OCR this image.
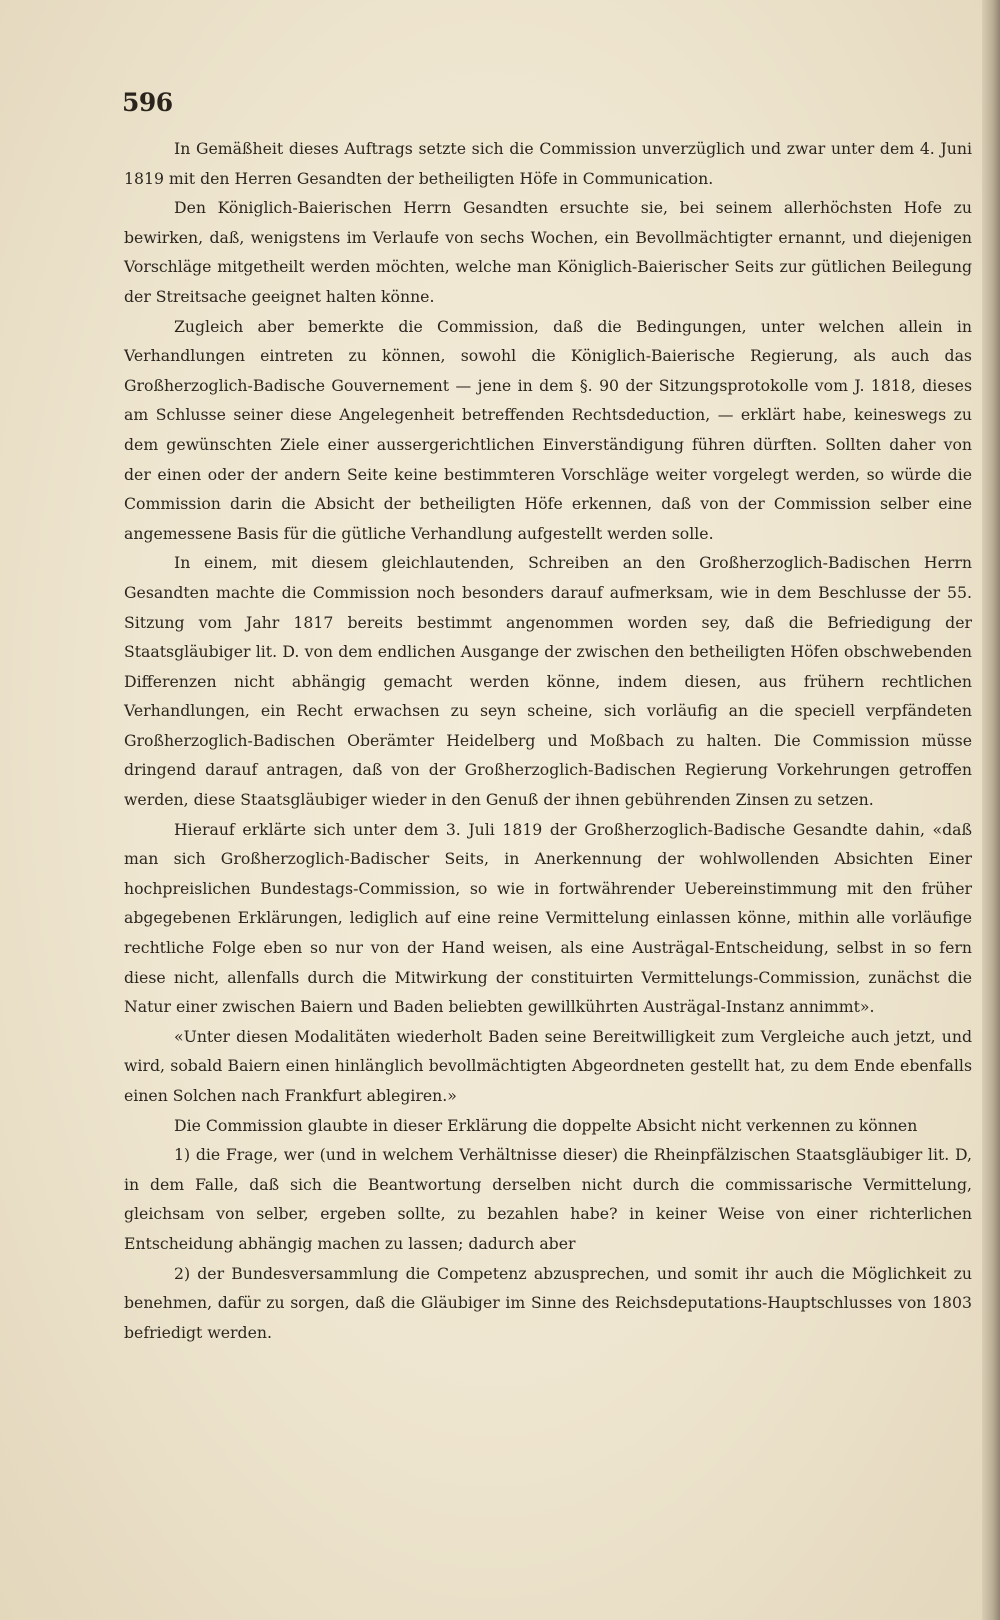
596

In Gemäßheit dieses Auftrags setzte sich die Commission unverzüglich und zwar unter dem 4. Juni 1819 mit den Herren Gesandten der betheiligten Höfe in Communication.

Den Königlich-Baierischen Herrn Gesandten ersuchte sie, bei seinem allerhöchsten Hofe zu bewirken, daß, wenigstens im Verlaufe von sechs Wochen, ein Bevollmächtigter ernannt, und diejenigen Vorschläge mitgetheilt werden möchten, welche man Königlich-Baierischer Seits zur gütlichen Beilegung der Streitsache geeignet halten könne.

Zugleich aber bemerkte die Commission, daß die Bedingungen, unter welchen allein in Verhandlungen eintreten zu können, sowohl die Königlich-Baierische Regierung, als auch das Großherzoglich-Badische Gouvernement — jene in dem §. 90 der Sitzungsprotokolle vom J. 1818, dieses am Schlusse seiner diese Angelegenheit betreffenden Rechtsdeduction, — erklärt habe, keineswegs zu dem gewünschten Ziele einer aussergerichtlichen Einverständigung führen dürften. Sollten daher von der einen oder der andern Seite keine bestimmteren Vorschläge weiter vorgelegt werden, so würde die Commission darin die Absicht der betheiligten Höfe erkennen, daß von der Commission selber eine angemessene Basis für die gütliche Verhandlung aufgestellt werden solle.

In einem, mit diesem gleichlautenden, Schreiben an den Großherzoglich-Badischen Herrn Gesandten machte die Commission noch besonders darauf aufmerksam, wie in dem Beschlusse der 55. Sitzung vom Jahr 1817 bereits bestimmt angenommen worden sey, daß die Befriedigung der Staatsgläubiger lit. D. von dem endlichen Ausgange der zwischen den betheiligten Höfen obschwebenden Differenzen nicht abhängig gemacht werden könne, indem diesen, aus frühern rechtlichen Verhandlungen, ein Recht erwachsen zu seyn scheine, sich vorläufig an die speciell verpfändeten Großherzoglich-Badischen Oberämter Heidelberg und Moßbach zu halten. Die Commission müsse dringend darauf antragen, daß von der Großherzoglich-Badischen Regierung Vorkehrungen getroffen werden, diese Staatsgläubiger wieder in den Genuß der ihnen gebührenden Zinsen zu setzen.

Hierauf erklärte sich unter dem 3. Juli 1819 der Großherzoglich-Badische Gesandte dahin, «daß man sich Großherzoglich-Badischer Seits, in Anerkennung der wohlwollenden Absichten Einer hochpreislichen Bundestags-Commission, so wie in fortwährender Uebereinstimmung mit den früher abgegebenen Erklärungen, lediglich auf eine reine Vermittelung einlassen könne, mithin alle vorläufige rechtliche Folge eben so nur von der Hand weisen, als eine Austrägal-Entscheidung, selbst in so fern diese nicht, allenfalls durch die Mitwirkung der constituirten Vermittelungs-Commission, zunächst die Natur einer zwischen Baiern und Baden beliebten gewillkührten Austrägal-Instanz annimmt».

«Unter diesen Modalitäten wiederholt Baden seine Bereitwilligkeit zum Vergleiche auch jetzt, und wird, sobald Baiern einen hinlänglich bevollmächtigten Abgeordneten gestellt hat, zu dem Ende ebenfalls einen Solchen nach Frankfurt ablegiren.»

Die Commission glaubte in dieser Erklärung die doppelte Absicht nicht verkennen zu können

1) die Frage, wer (und in welchem Verhältnisse dieser) die Rheinpfälzischen Staatsgläubiger lit. D, in dem Falle, daß sich die Beantwortung derselben nicht durch die commissarische Vermittelung, gleichsam von selber, ergeben sollte, zu bezahlen habe? in keiner Weise von einer richterlichen Entscheidung abhängig machen zu lassen; dadurch aber

2) der Bundesversammlung die Competenz abzusprechen, und somit ihr auch die Möglichkeit zu benehmen, dafür zu sorgen, daß die Gläubiger im Sinne des Reichsdeputations-Hauptschlusses von 1803 befriedigt werden.
